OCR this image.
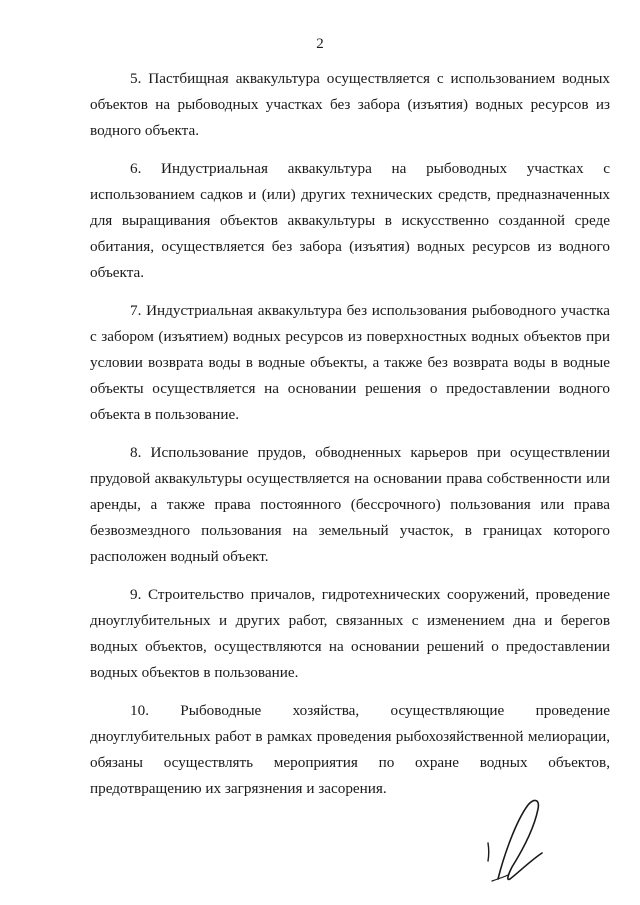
2

5. Пастбищная аквакультура осуществляется с использованием водных объектов на рыбоводных участках без забора (изъятия) водных ресурсов из водного объекта.

6. Индустриальная аквакультура на рыбоводных участках с использованием садков и (или) других технических средств, предназначенных для выращивания объектов аквакультуры в искусственно созданной среде обитания, осуществляется без забора (изъятия) водных ресурсов из водного объекта.

7. Индустриальная аквакультура без использования рыбоводного участка с забором (изъятием) водных ресурсов из поверхностных водных объектов при условии возврата воды в водные объекты, а также без возврата воды в водные объекты осуществляется на основании решения о предоставлении водного объекта в пользование.

8. Использование прудов, обводненных карьеров при осуществлении прудовой аквакультуры осуществляется на основании права собственности или аренды, а также права постоянного (бессрочного) пользования или права безвозмездного пользования на земельный участок, в границах которого расположен водный объект.

9. Строительство причалов, гидротехнических сооружений, проведение дноуглубительных и других работ, связанных с изменением дна и берегов водных объектов, осуществляются на основании решений о предоставлении водных объектов в пользование.

10. Рыбоводные хозяйства, осуществляющие проведение дноуглубительных работ в рамках проведения рыбохозяйственной мелиорации, обязаны осуществлять мероприятия по охране водных объектов, предотвращению их загрязнения и засорения.
